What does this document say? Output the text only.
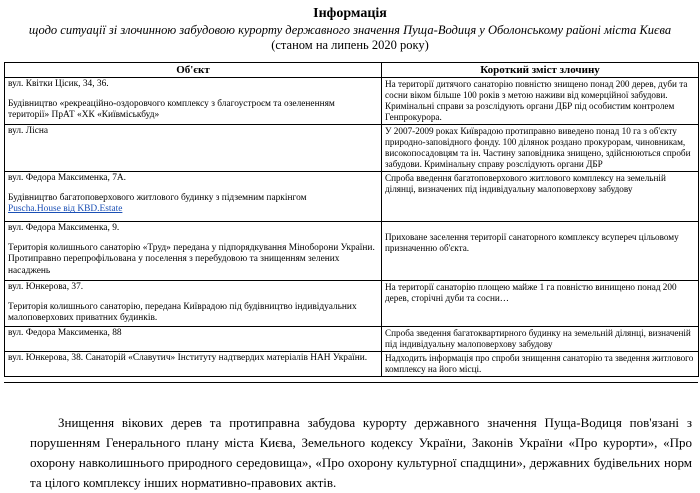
Інформація
щодо ситуації зі злочинною забудовою курорту державного значення Пуща-Водиця у Оболонському районі міста Києва
(станом на липень 2020 року)
Об'єкт	Короткий зміст злочину
вул. Квітки Цісик, 34, 36.
Будівництво «рекреаційно-оздоровчого комплексу з благоустроєм та озелененням території» ПрАТ «ХК «Київміськбуд»	На території дитячого санаторію повністю знищено понад 200 дерев, дуби та сосни віком більше 100 років з метою наживи від комерційної забудови. Кримінальні справи за розслідують органи ДБР під особистим контролем Генпрокурора.
вул. Лісна	У 2007-2009 роках Київрадою протиправно виведено понад 10 га з об'єкту природно-заповідного фонду. 100 ділянок роздано прокурорам, чиновникам, високопосадовцям та ін. Частину заповідника знищено, здійснюються спроби забудови. Кримінальну справу розслідують органи ДБР
вул. Федора Максименка, 7А.
Будівництво багатоповерхового житлового будинку з підземним паркінгом
Puscha.House від KBD.Estate	Спроба введення багатоповерхового житлового комплексу на земельній ділянці, визначених під індивідуальну малоповерхову забудову
вул. Федора Максименка, 9.
Територія колишнього санаторію «Труд» передана у підпорядкування Міноборони України. Протиправно перепрофільована у поселення з перебудовою та знищенням зелених насаджень	Приховане заселення території санаторного комплексу всупереч цільовому призначенню об'єкта.
вул. Юнкерова, 37.
Територія колишнього санаторію, передана Київрадою під будівництво індивідуальних малоповерхових приватних будинків.	На території санаторію площею майже 1 га повністю винищено понад 200 дерев, сторічні дуби та сосни…
вул. Федора Максименка, 88	Спроба зведення багатоквартирного будинку на земельній ділянці, визначеній під індивідуальну малоповерхову забудову
вул. Юнкерова, 38. Санаторій «Славутич» Інституту надтвердих матеріалів НАН України.	Надходить інформація про спроби знищення санаторію та зведення житлового комплексу на його місці.

Знищення вікових дерев та протиправна забудова курорту державного значення Пуща-Водиця пов'язані з порушенням Генерального плану міста Києва, Земельного кодексу України, Законів України «Про курорти», «Про охорону навколишнього природного середовища», «Про охорону культурної спадщини», державних будівельних норм та цілого комплексу інших нормативно-правових актів.
